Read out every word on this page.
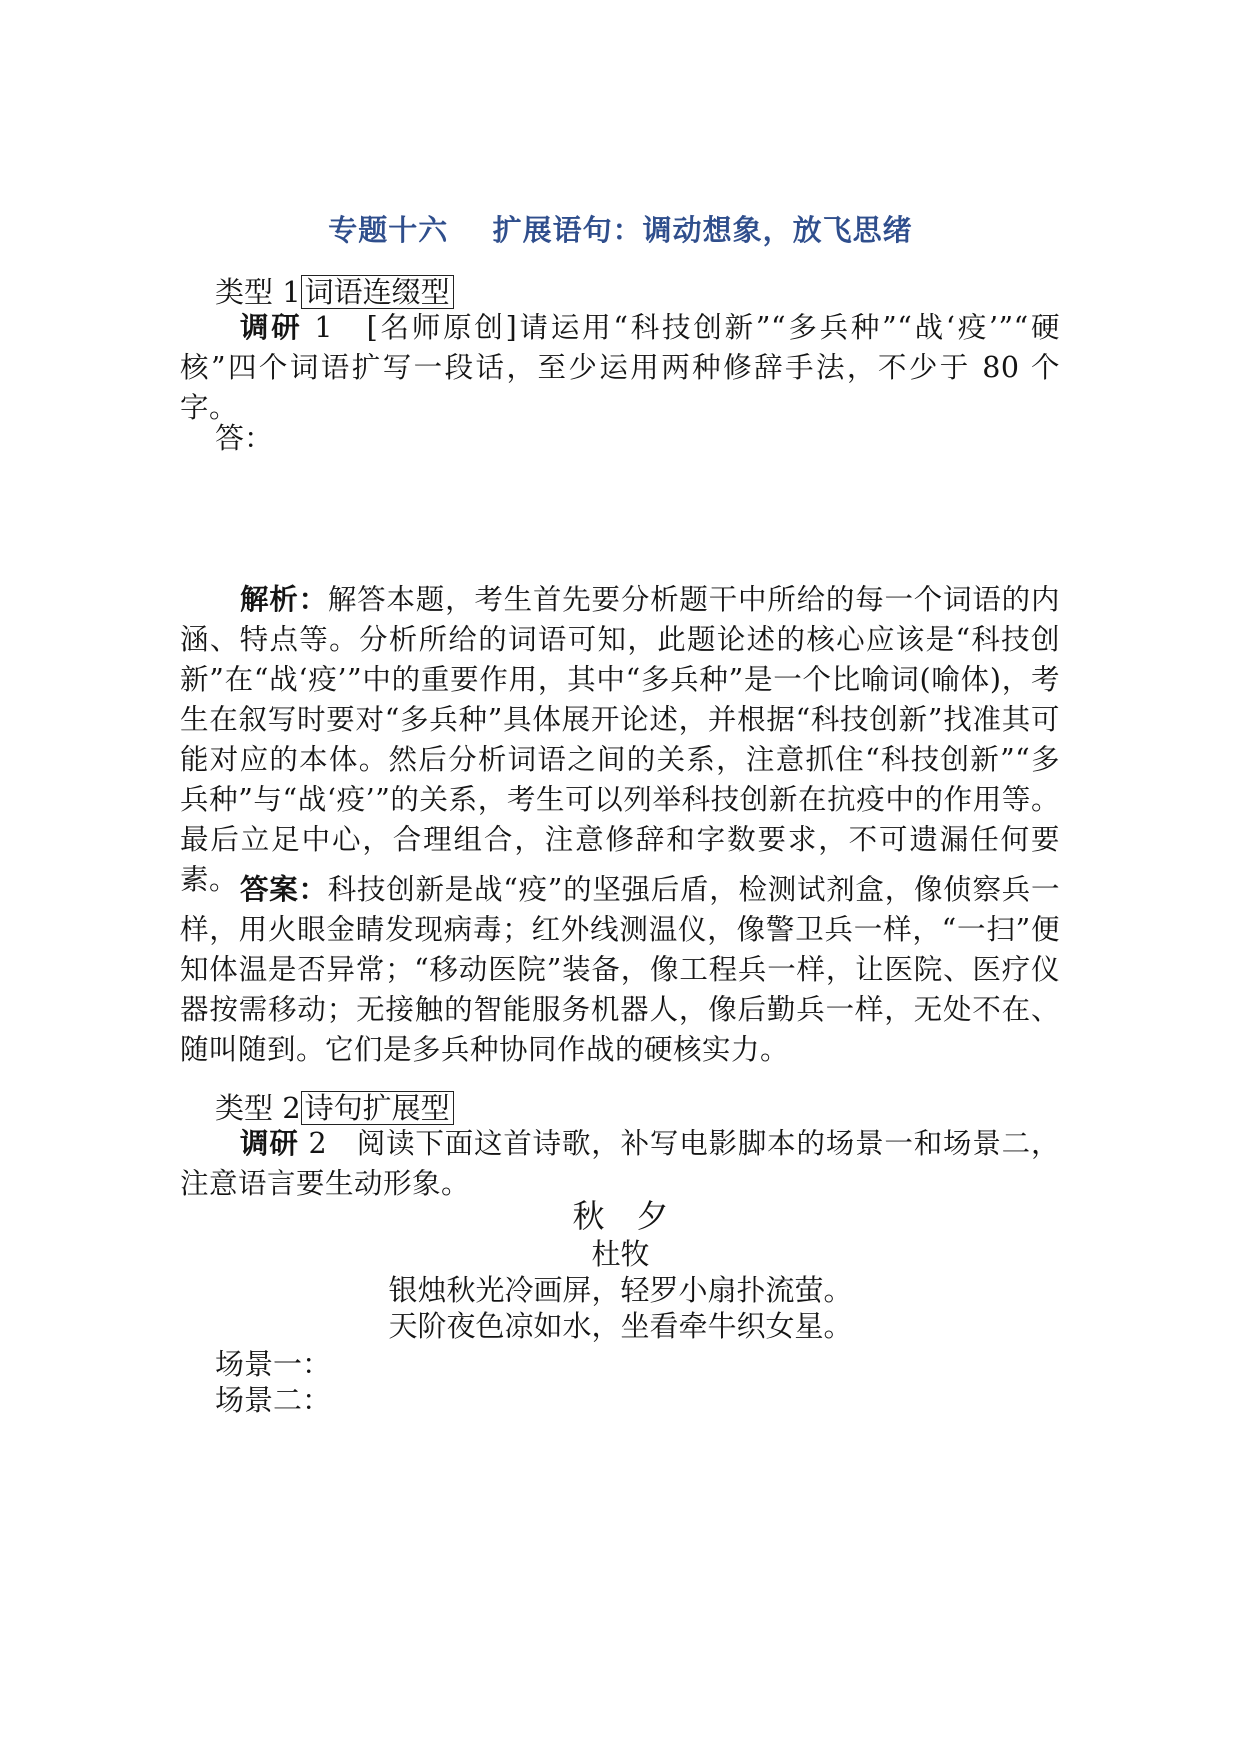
专题十六    扩展语句：调动想象，放飞思绪
类型 1 词语连缀型
调研 1　[名师原创]请运用“科技创新”“多兵种”“战‘疫’”“硬核”四个词语扩写一段话，至少运用两种修辞手法，不少于 80 个字。
答：
解析：解答本题，考生首先要分析题干中所给的每一个词语的内涵、特点等。分析所给的词语可知，此题论述的核心应该是“科技创新”在“战‘疫’”中的重要作用，其中“多兵种”是一个比喻词(喻体)，考生在叙写时要对“多兵种”具体展开论述，并根据“科技创新”找准其可能对应的本体。然后分析词语之间的关系，注意抓住“科技创新”“多兵种”与“战‘疫’”的关系，考生可以列举科技创新在抗疫中的作用等。最后立足中心，合理组合，注意修辞和字数要求，不可遗漏任何要素。 答案：科技创新是战“疫”的坚强后盾，检测试剂盒，像侦察兵一样，用火眼金睛发现病毒；红外线测温仪，像警卫兵一样，“一扫”便知体温是否异常；“移动医院”装备，像工程兵一样，让医院、医疗仪器按需移动；无接触的智能服务机器人，像后勤兵一样，无处不在、随叫随到。它们是多兵种协同作战的硬核实力。
类型 2 诗句扩展型
调研 2　阅读下面这首诗歌，补写电影脚本的场景一和场景二，注意语言要生动形象。
秋　夕
杜牧
银烛秋光冷画屏，轻罗小扇扑流萤。
天阶夜色凉如水，坐看牵牛织女星。
场景一：
场景二：
